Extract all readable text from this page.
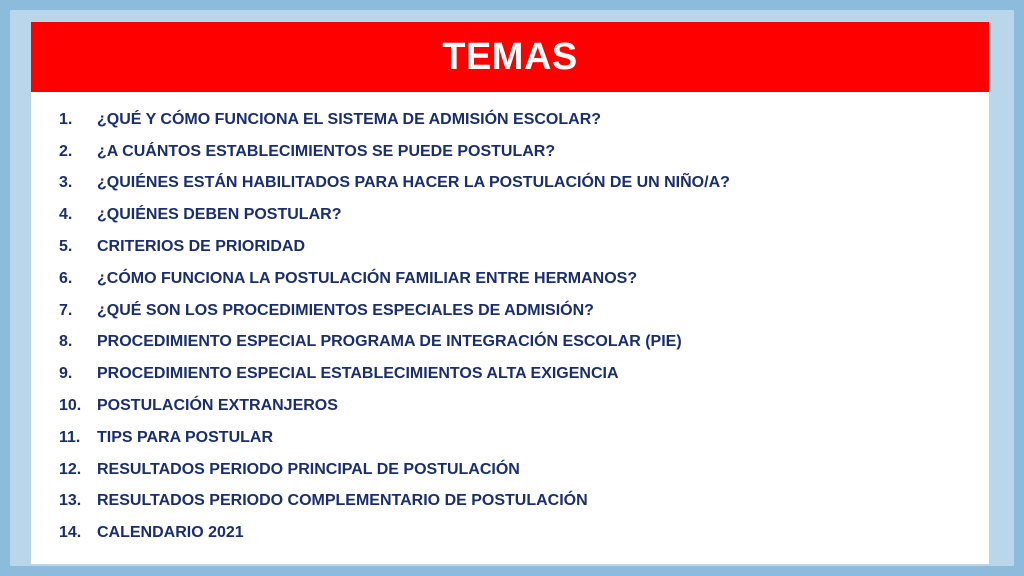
TEMAS
1.	¿QUÉ Y CÓMO FUNCIONA EL SISTEMA DE ADMISIÓN ESCOLAR?
2.	¿A CUÁNTOS ESTABLECIMIENTOS SE PUEDE POSTULAR?
3.	¿QUIÉNES ESTÁN HABILITADOS PARA HACER LA POSTULACIÓN DE UN NIÑO/A?
4.	¿QUIÉNES DEBEN POSTULAR?
5.	CRITERIOS DE PRIORIDAD
6.	¿CÓMO FUNCIONA LA POSTULACIÓN FAMILIAR ENTRE HERMANOS?
7.	¿QUÉ SON LOS PROCEDIMIENTOS ESPECIALES DE ADMISIÓN?
8.	PROCEDIMIENTO ESPECIAL PROGRAMA DE INTEGRACIÓN ESCOLAR (PIE)
9.	PROCEDIMIENTO ESPECIAL ESTABLECIMIENTOS ALTA EXIGENCIA
10. POSTULACIÓN EXTRANJEROS
11.	TIPS PARA POSTULAR
12. RESULTADOS PERIODO PRINCIPAL DE POSTULACIÓN
13. RESULTADOS PERIODO COMPLEMENTARIO DE POSTULACIÓN
14. CALENDARIO 2021
